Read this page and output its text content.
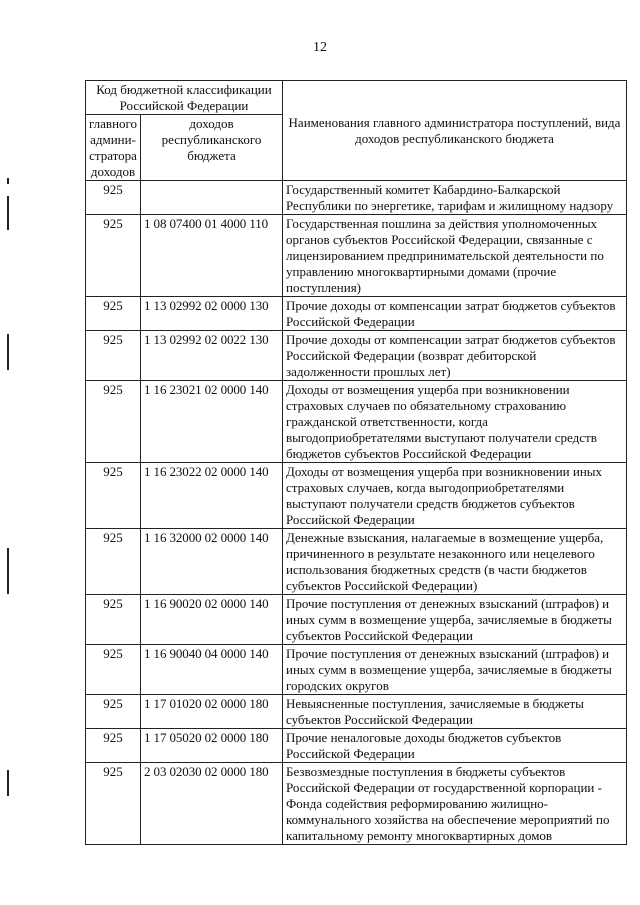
12
Код бюджетной классификации Российской Федерации		Наименования главного администратора поступлений, вида доходов республиканского бюджета
главного админи-стратора доходов	доходов республиканского бюджета	
925		Государственный комитет Кабардино-Балкарской Республики по энергетике, тарифам и жилищному надзору
925	1 08 07400 01 4000 110	Государственная пошлина за действия уполномоченных органов субъектов Российской Федерации, связанные с лицензированием предпринимательской деятельности по управлению многоквартирными домами (прочие поступления)
925	1 13 02992 02 0000 130	Прочие доходы от компенсации затрат бюджетов субъектов Российской Федерации
925	1 13 02992 02 0022 130	Прочие доходы от компенсации затрат бюджетов субъектов Российской Федерации (возврат дебиторской задолженности прошлых лет)
925	1 16 23021 02 0000 140	Доходы от возмещения ущерба при возникновении страховых случаев по обязательному страхованию гражданской ответственности, когда выгодоприобретателями выступают получатели средств бюджетов субъектов Российской Федерации
925	1 16 23022 02 0000 140	Доходы от возмещения ущерба при возникновении иных страховых случаев, когда выгодоприобретателями выступают получатели средств бюджетов субъектов Российской Федерации
925	1 16 32000 02 0000 140	Денежные взыскания, налагаемые в возмещение ущерба, причиненного в результате незаконного или нецелевого использования бюджетных средств (в части бюджетов субъектов Российской Федерации)
925	1 16 90020 02 0000 140	Прочие поступления от денежных взысканий (штрафов) и иных сумм в возмещение ущерба, зачисляемые в бюджеты субъектов Российской Федерации
925	1 16 90040 04 0000 140	Прочие поступления от денежных взысканий (штрафов) и иных сумм в возмещение ущерба, зачисляемые в бюджеты городских округов
925	1 17 01020 02 0000 180	Невыясненные поступления, зачисляемые в бюджеты субъектов Российской Федерации
925	1 17 05020 02 0000 180	Прочие неналоговые доходы бюджетов субъектов Российской Федерации
925	2 03 02030 02 0000 180	Безвозмездные поступления в бюджеты субъектов Российской Федерации от государственной корпорации - Фонда содействия реформированию жилищно-коммунального хозяйства на обеспечение мероприятий по капитальному ремонту многоквартирных домов
